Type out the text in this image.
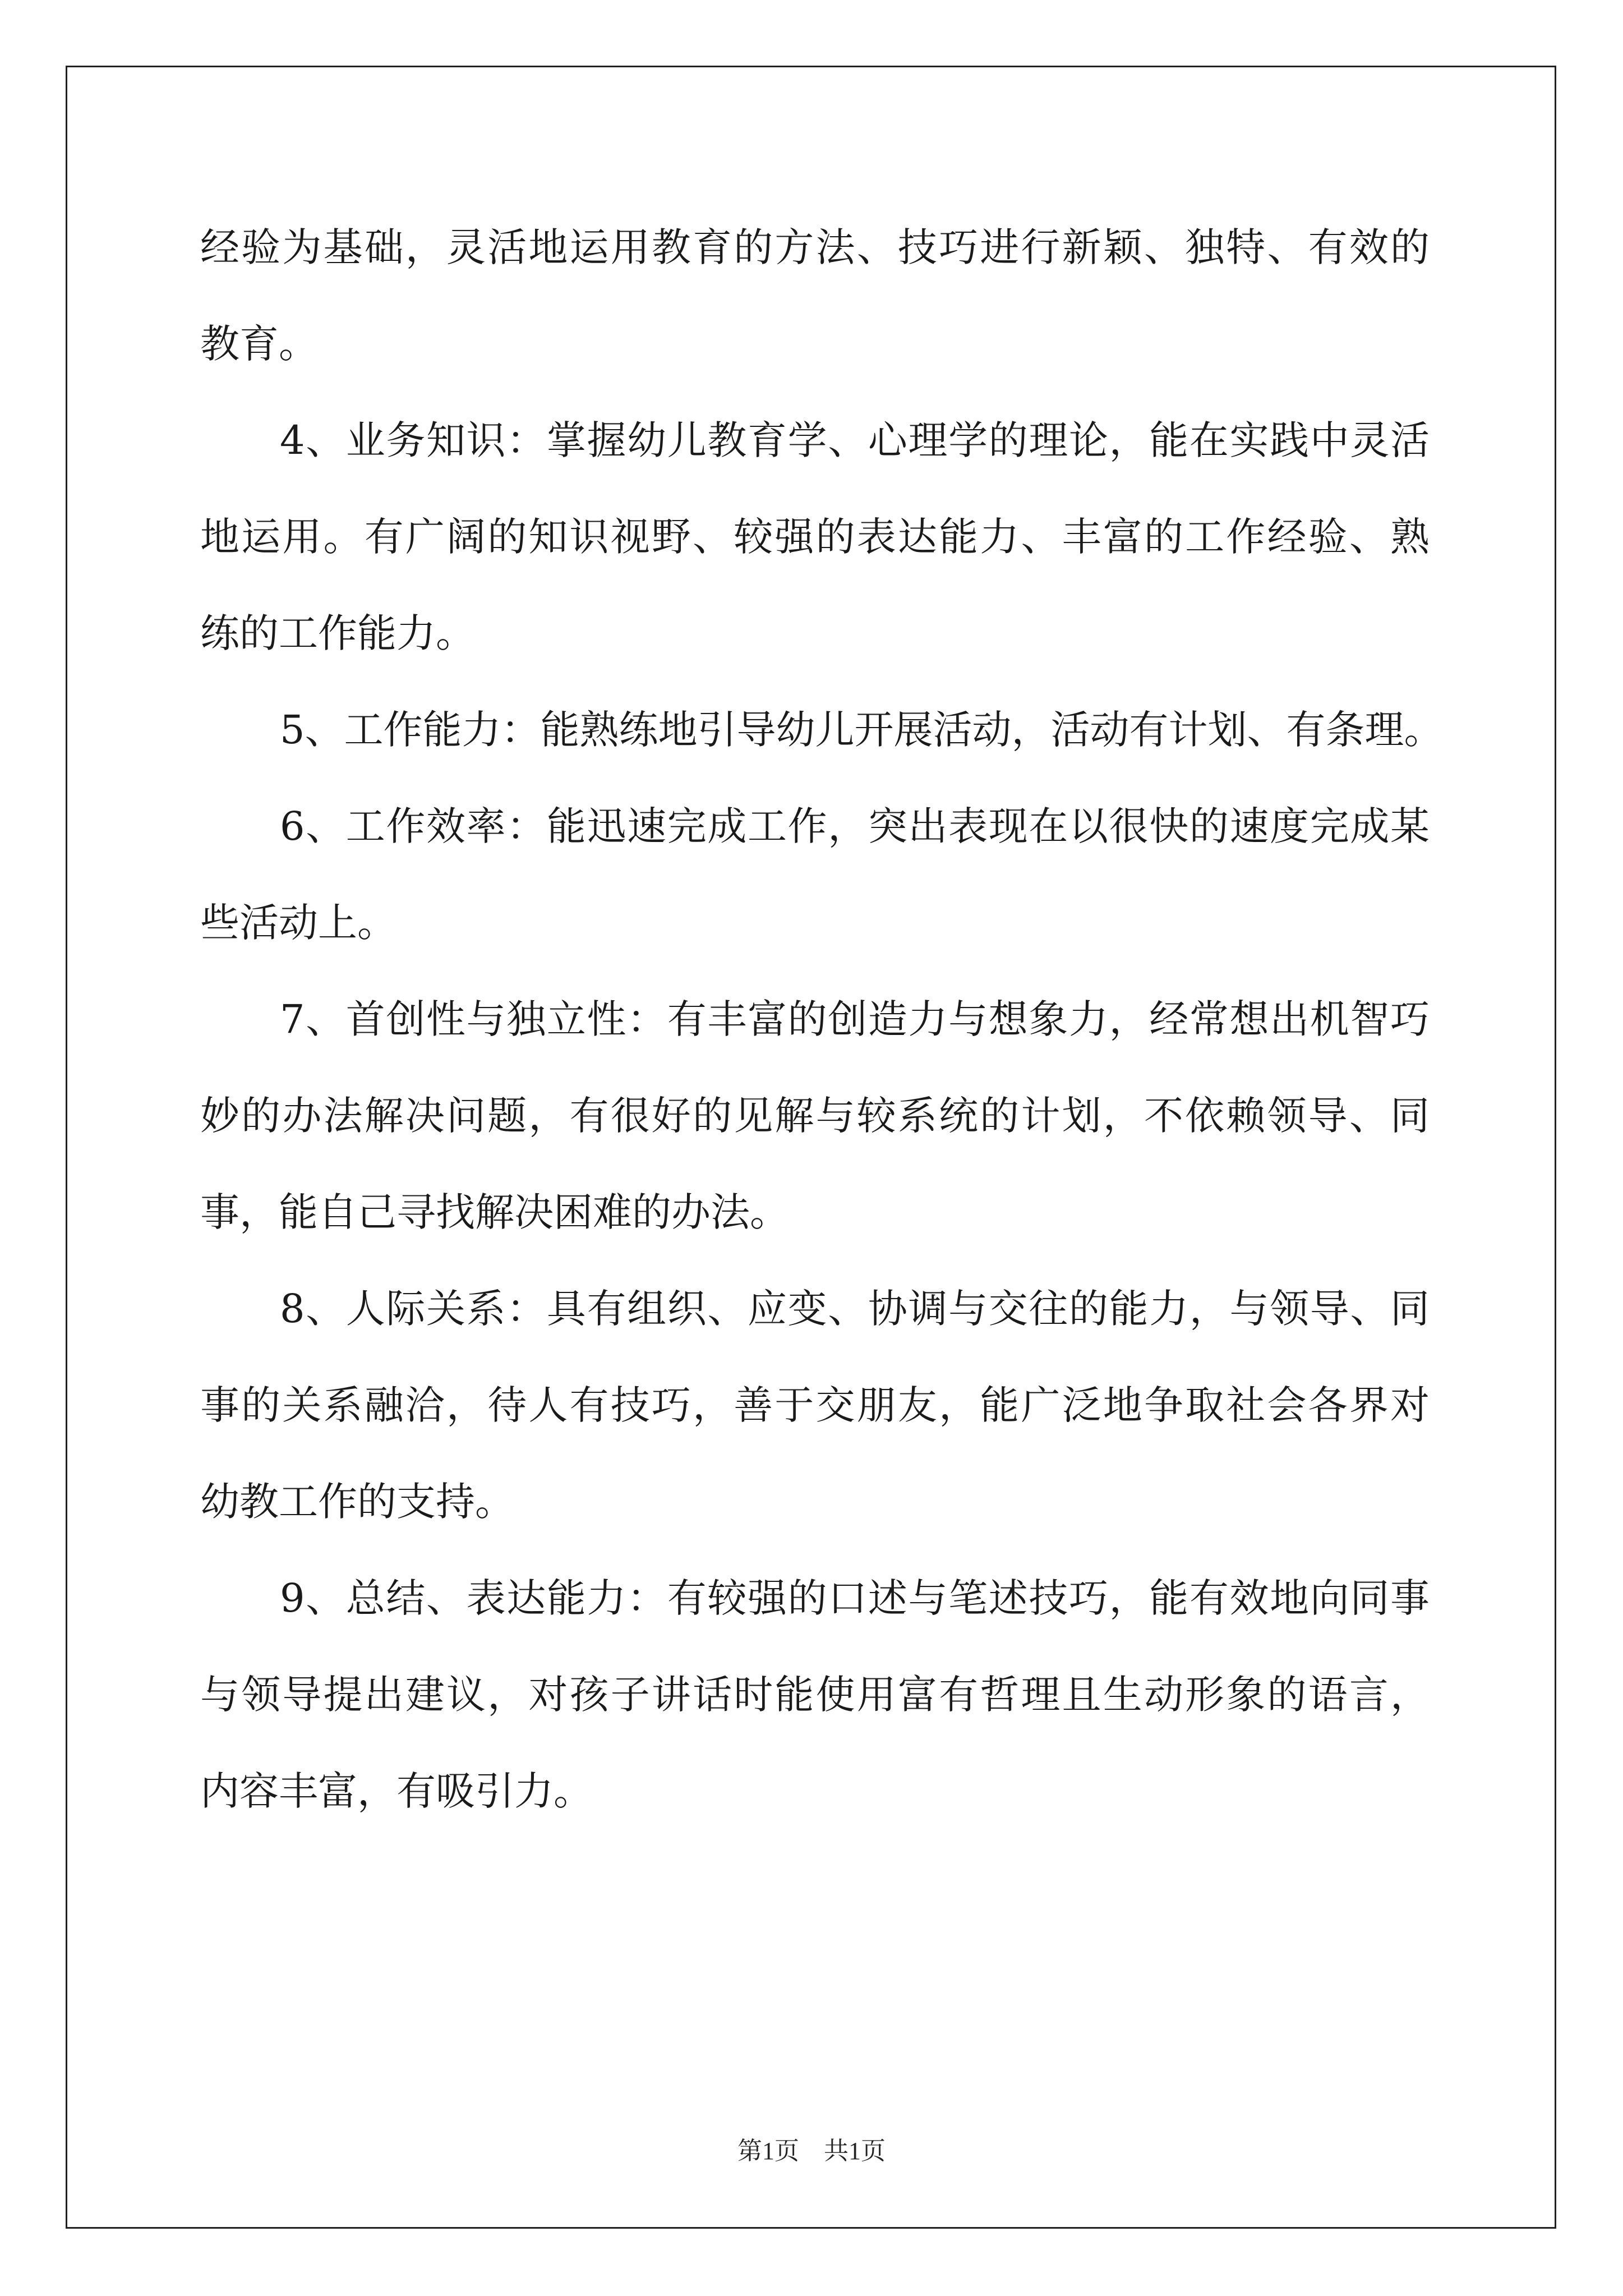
经验为基础，灵活地运用教育的方法、技巧进行新颖、独特、有效的
教育。
4、业务知识：掌握幼儿教育学、心理学的理论，能在实践中灵活
地运用。有广阔的知识视野、较强的表达能力、丰富的工作经验、熟
练的工作能力。
5、工作能力：能熟练地引导幼儿开展活动，活动有计划、有条理。
6、工作效率：能迅速完成工作，突出表现在以很快的速度完成某
些活动上。
7、首创性与独立性：有丰富的创造力与想象力，经常想出机智巧
妙的办法解决问题，有很好的见解与较系统的计划，不依赖领导、同
事，能自己寻找解决困难的办法。
8、人际关系：具有组织、应变、协调与交往的能力，与领导、同
事的关系融洽，待人有技巧，善于交朋友，能广泛地争取社会各界对
幼教工作的支持。
9、总结、表达能力：有较强的口述与笔述技巧，能有效地向同事
与领导提出建议，对孩子讲话时能使用富有哲理且生动形象的语言，
内容丰富，有吸引力。
第1页　共1页
